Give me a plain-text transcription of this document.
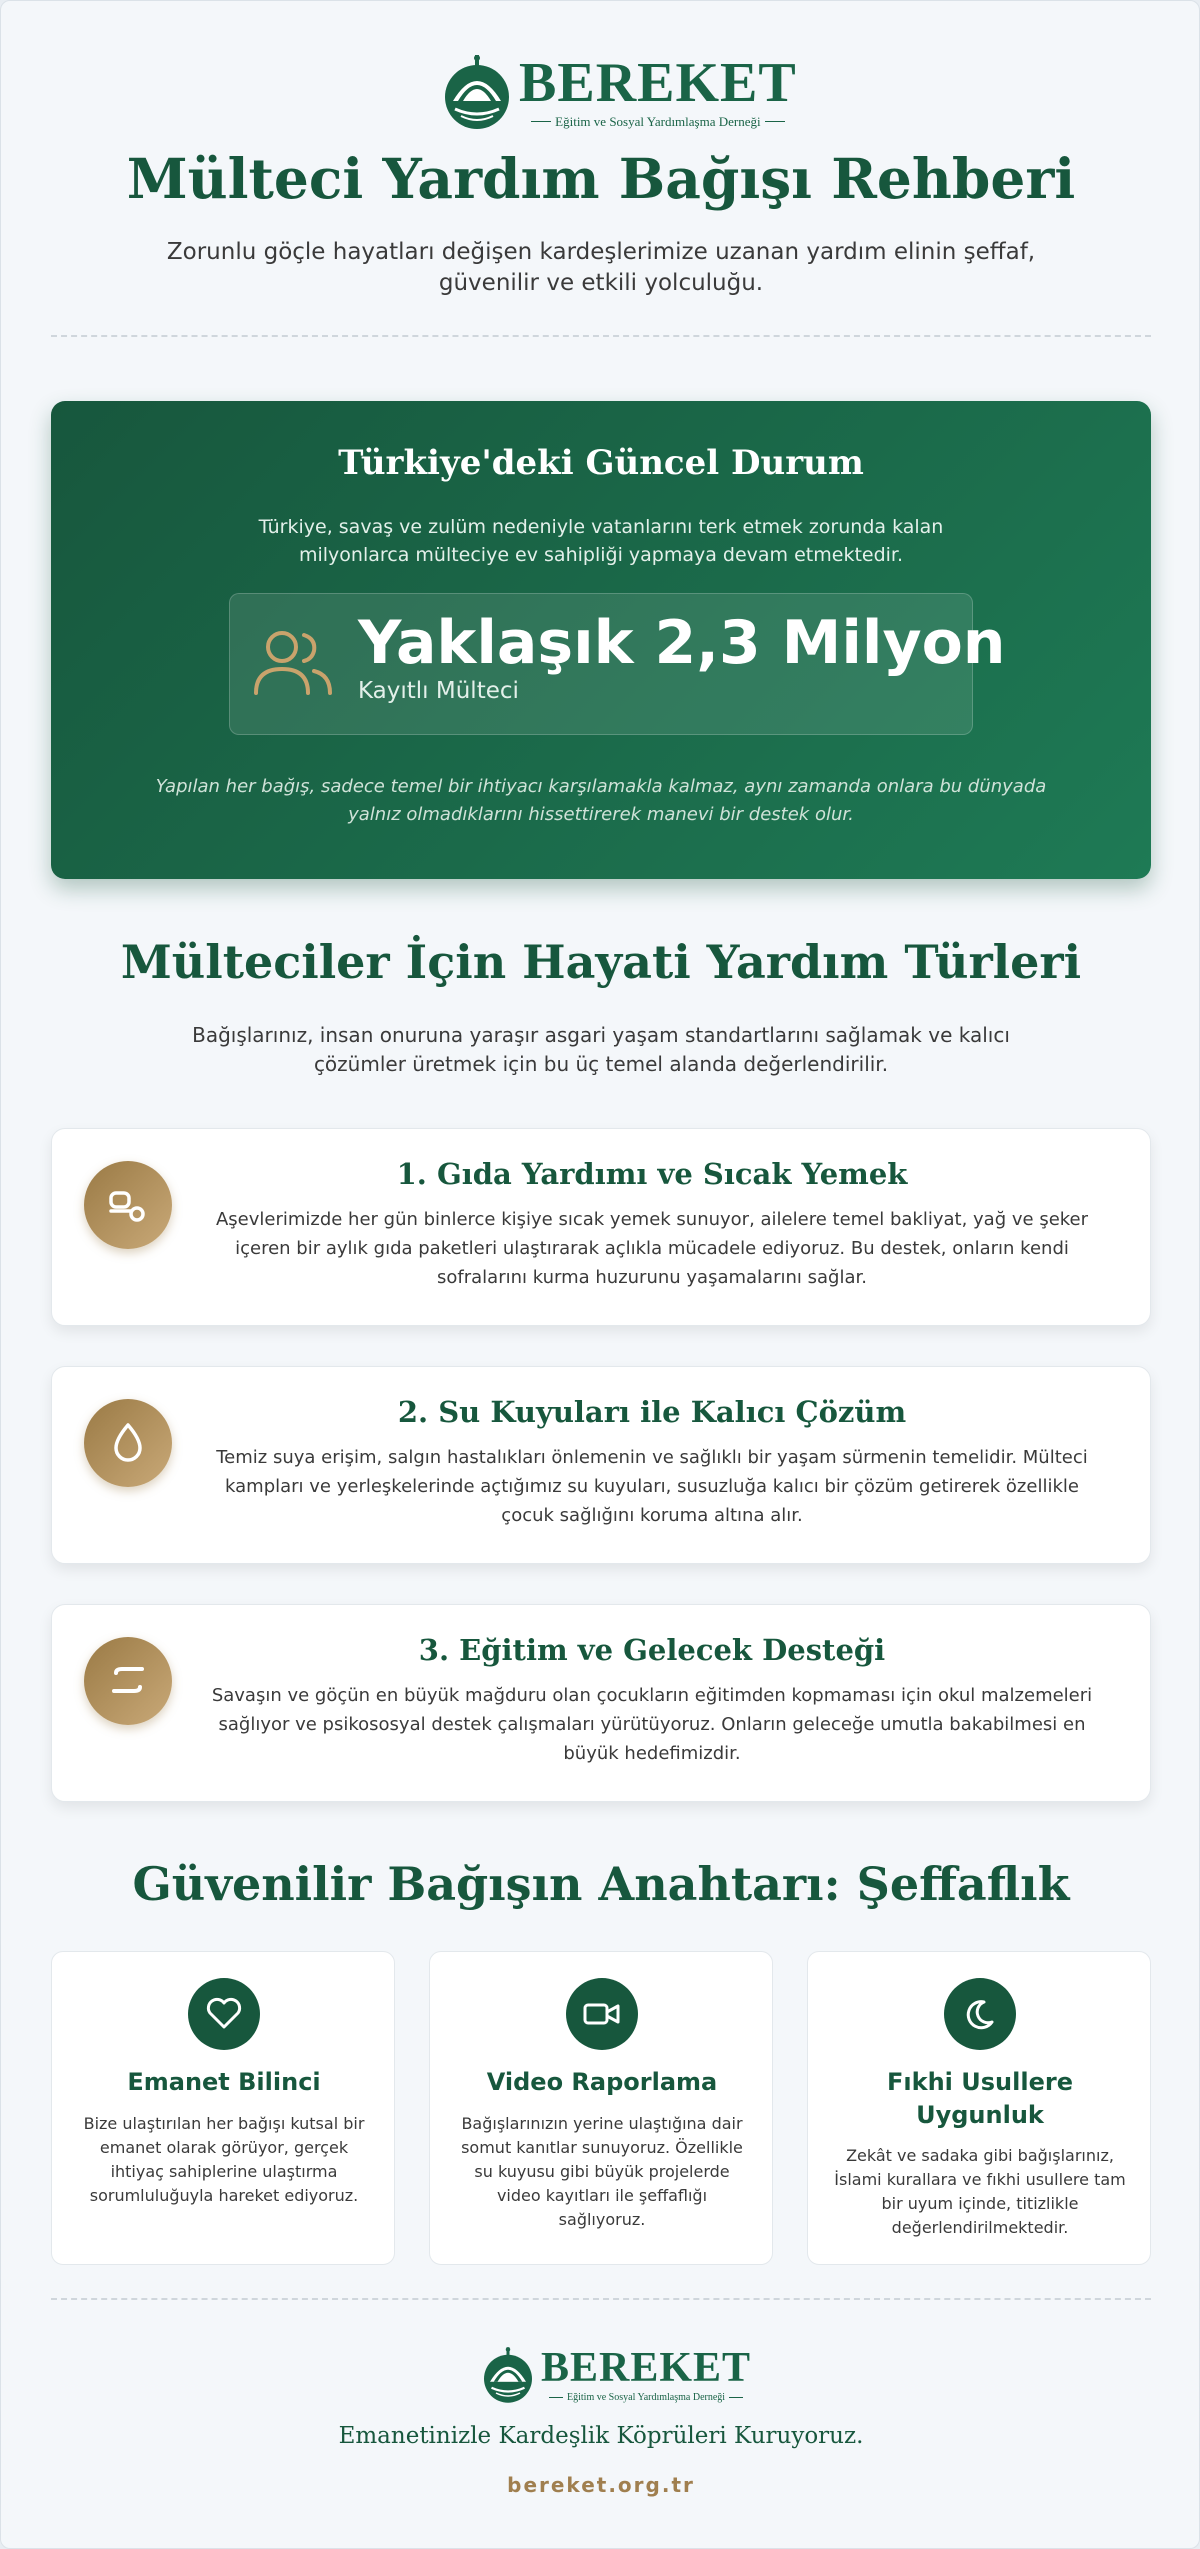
BEREKET
Eğitim ve Sosyal Yardımlaşma Derneği
Mülteci Yardım Bağışı Rehberi

Zorunlu göçle hayatları değişen kardeşlerimize uzanan yardım elinin şeffaf, güvenilir ve etkili yolculuğu.

Türkiye'deki Güncel Durum

Türkiye, savaş ve zulüm nedeniyle vatanlarını terk etmek zorunda kalan milyonlarca mülteciye ev sahipliği yapmaya devam etmektedir.

Yaklaşık 2,3 Milyon
Kayıtlı Mülteci

Yapılan her bağış, sadece temel bir ihtiyacı karşılamakla kalmaz, aynı zamanda onlara bu dünyada yalnız olmadıklarını hissettirerek manevi bir destek olur.

Mülteciler İçin Hayati Yardım Türleri

Bağışlarınız, insan onuruna yaraşır asgari yaşam standartlarını sağlamak ve kalıcı çözümler üretmek için bu üç temel alanda değerlendirilir.

1. Gıda Yardımı ve Sıcak Yemek

Aşevlerimizde her gün binlerce kişiye sıcak yemek sunuyor, ailelere temel bakliyat, yağ ve şeker içeren bir aylık gıda paketleri ulaştırarak açlıkla mücadele ediyoruz. Bu destek, onların kendi sofralarını kurma huzurunu yaşamalarını sağlar.

2. Su Kuyuları ile Kalıcı Çözüm

Temiz suya erişim, salgın hastalıkları önlemenin ve sağlıklı bir yaşam sürmenin temelidir. Mülteci kampları ve yerleşkelerinde açtığımız su kuyuları, susuzluğa kalıcı bir çözüm getirerek özellikle çocuk sağlığını koruma altına alır.

3. Eğitim ve Gelecek Desteği

Savaşın ve göçün en büyük mağduru olan çocukların eğitimden kopmaması için okul malzemeleri sağlıyor ve psikososyal destek çalışmaları yürütüyoruz. Onların geleceğe umutla bakabilmesi en büyük hedefimizdir.

Güvenilir Bağışın Anahtarı: Şeffaflık
Emanet Bilinci

Bize ulaştırılan her bağışı kutsal bir emanet olarak görüyor, gerçek ihtiyaç sahiplerine ulaştırma sorumluluğuyla hareket ediyoruz.

Video Raporlama

Bağışlarınızın yerine ulaştığına dair somut kanıtlar sunuyoruz. Özellikle su kuyusu gibi büyük projelerde video kayıtları ile şeffaflığı sağlıyoruz.

Fıkhi Usullere Uygunluk

Zekât ve sadaka gibi bağışlarınız, İslami kurallara ve fıkhi usullere tam bir uyum içinde, titizlikle değerlendirilmektedir.

BEREKET
Eğitim ve Sosyal Yardımlaşma Derneği

Emanetinizle Kardeşlik Köprüleri Kuruyoruz.

bereket.org.tr
